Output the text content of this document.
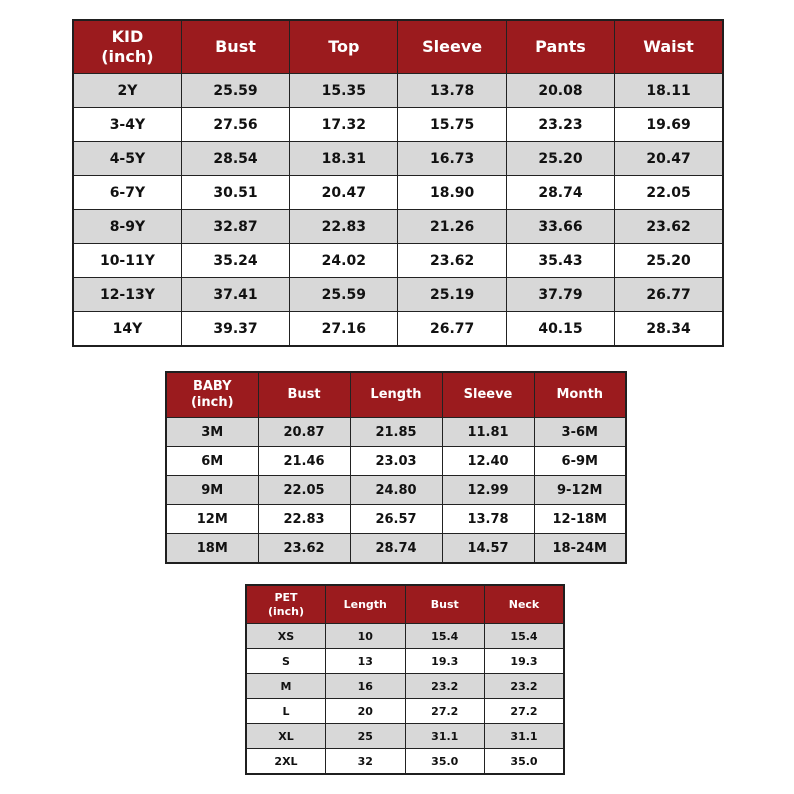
KID
(inch)	Bust	Top	Sleeve	Pants	Waist
2Y	25.59	15.35	13.78	20.08	18.11
3-4Y	27.56	17.32	15.75	23.23	19.69
4-5Y	28.54	18.31	16.73	25.20	20.47
6-7Y	30.51	20.47	18.90	28.74	22.05
8-9Y	32.87	22.83	21.26	33.66	23.62
10-11Y	35.24	24.02	23.62	35.43	25.20
12-13Y	37.41	25.59	25.19	37.79	26.77
14Y	39.37	27.16	26.77	40.15	28.34
BABY
(inch)	Bust	Length	Sleeve	Month
3M	20.87	21.85	11.81	3-6M
6M	21.46	23.03	12.40	6-9M
9M	22.05	24.80	12.99	9-12M
12M	22.83	26.57	13.78	12-18M
18M	23.62	28.74	14.57	18-24M
PET
(inch)	Length	Bust	Neck
XS	10	15.4	15.4
S	13	19.3	19.3
M	16	23.2	23.2
L	20	27.2	27.2
XL	25	31.1	31.1
2XL	32	35.0	35.0
